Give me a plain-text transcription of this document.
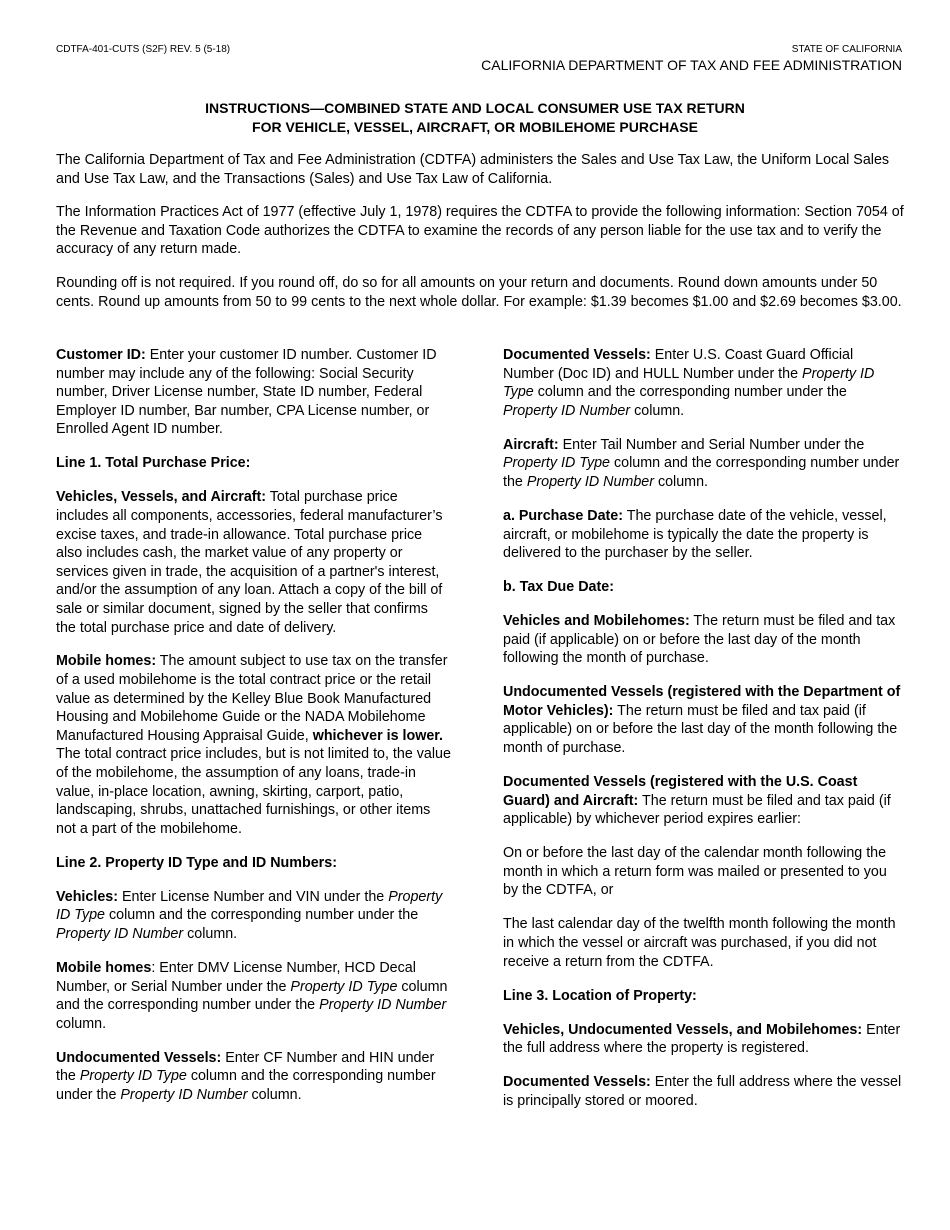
CDTFA-401-CUTS (S2F) REV. 5 (5-18)	STATE OF CALIFORNIA
CALIFORNIA DEPARTMENT OF TAX AND FEE ADMINISTRATION
INSTRUCTIONS—COMBINED STATE AND LOCAL CONSUMER USE TAX RETURN
FOR VEHICLE, VESSEL, AIRCRAFT, OR MOBILEHOME PURCHASE

The California Department of Tax and Fee Administration (CDTFA) administers the Sales and Use Tax Law, the Uniform Local Sales and Use Tax Law, and the Transactions (Sales) and Use Tax Law of California.

The Information Practices Act of 1977 (effective July 1, 1978) requires the CDTFA to provide the following information: Section 7054 of the Revenue and Taxation Code authorizes the CDTFA to examine the records of any person liable for the use tax and to verify the accuracy of any return made.

Rounding off is not required. If you round off, do so for all amounts on your return and documents. Round down amounts under 50 cents. Round up amounts from 50 to 99 cents to the next whole dollar. For example: $1.39 becomes $1.00 and $2.69 becomes $3.00.

Customer ID: Enter your customer ID number. Customer ID number may include any of the following: Social Security number, Driver License number, State ID number, Federal Employer ID number, Bar number, CPA License number, or Enrolled Agent ID number.

Line 1. Total Purchase Price:

Vehicles, Vessels, and Aircraft: Total purchase price includes all components, accessories, federal manufacturer’s excise taxes, and trade-in allowance. Total purchase price also includes cash, the market value of any property or services given in trade, the acquisition of a partner's interest, and/or the assumption of any loan. Attach a copy of the bill of sale or similar document, signed by the seller that confirms the total purchase price and date of delivery.

Mobile homes: The amount subject to use tax on the transfer of a used mobilehome is the total contract price or the retail value as determined by the Kelley Blue Book Manufactured Housing and Mobilehome Guide or the NADA Mobilehome Manufactured Housing Appraisal Guide, whichever is lower. The total contract price includes, but is not limited to, the value of the mobilehome, the assumption of any loans, trade-in value, in-place location, awning, skirting, carport, patio, landscaping, shrubs, unattached furnishings, or other items not a part of the mobilehome.

Line 2. Property ID Type and ID Numbers:

Vehicles: Enter License Number and VIN under the Property ID Type column and the corresponding number under the Property ID Number column.

Mobile homes: Enter DMV License Number, HCD Decal Number, or Serial Number under the Property ID Type column and the corresponding number under the Property ID Number column.

Undocumented Vessels: Enter CF Number and HIN under the Property ID Type column and the corresponding number under the Property ID Number column.

Documented Vessels: Enter U.S. Coast Guard Official Number (Doc ID) and HULL Number under the Property ID Type column and the corresponding number under the Property ID Number column.

Aircraft: Enter Tail Number and Serial Number under the Property ID Type column and the corresponding number under the Property ID Number column.

a. Purchase Date: The purchase date of the vehicle, vessel, aircraft, or mobilehome is typically the date the property is delivered to the purchaser by the seller.

b. Tax Due Date:

Vehicles and Mobilehomes: The return must be filed and tax paid (if applicable) on or before the last day of the month following the month of purchase.

Undocumented Vessels (registered with the Department of Motor Vehicles): The return must be filed and tax paid (if applicable) on or before the last day of the month following the month of purchase.

Documented Vessels (registered with the U.S. Coast Guard) and Aircraft: The return must be filed and tax paid (if applicable) by whichever period expires earlier:

On or before the last day of the calendar month following the month in which a return form was mailed or presented to you by the CDTFA, or

The last calendar day of the twelfth month following the month in which the vessel or aircraft was purchased, if you did not receive a return from the CDTFA.

Line 3. Location of Property:

Vehicles, Undocumented Vessels, and Mobilehomes: Enter the full address where the property is registered.

Documented Vessels: Enter the full address where the vessel is principally stored or moored.
